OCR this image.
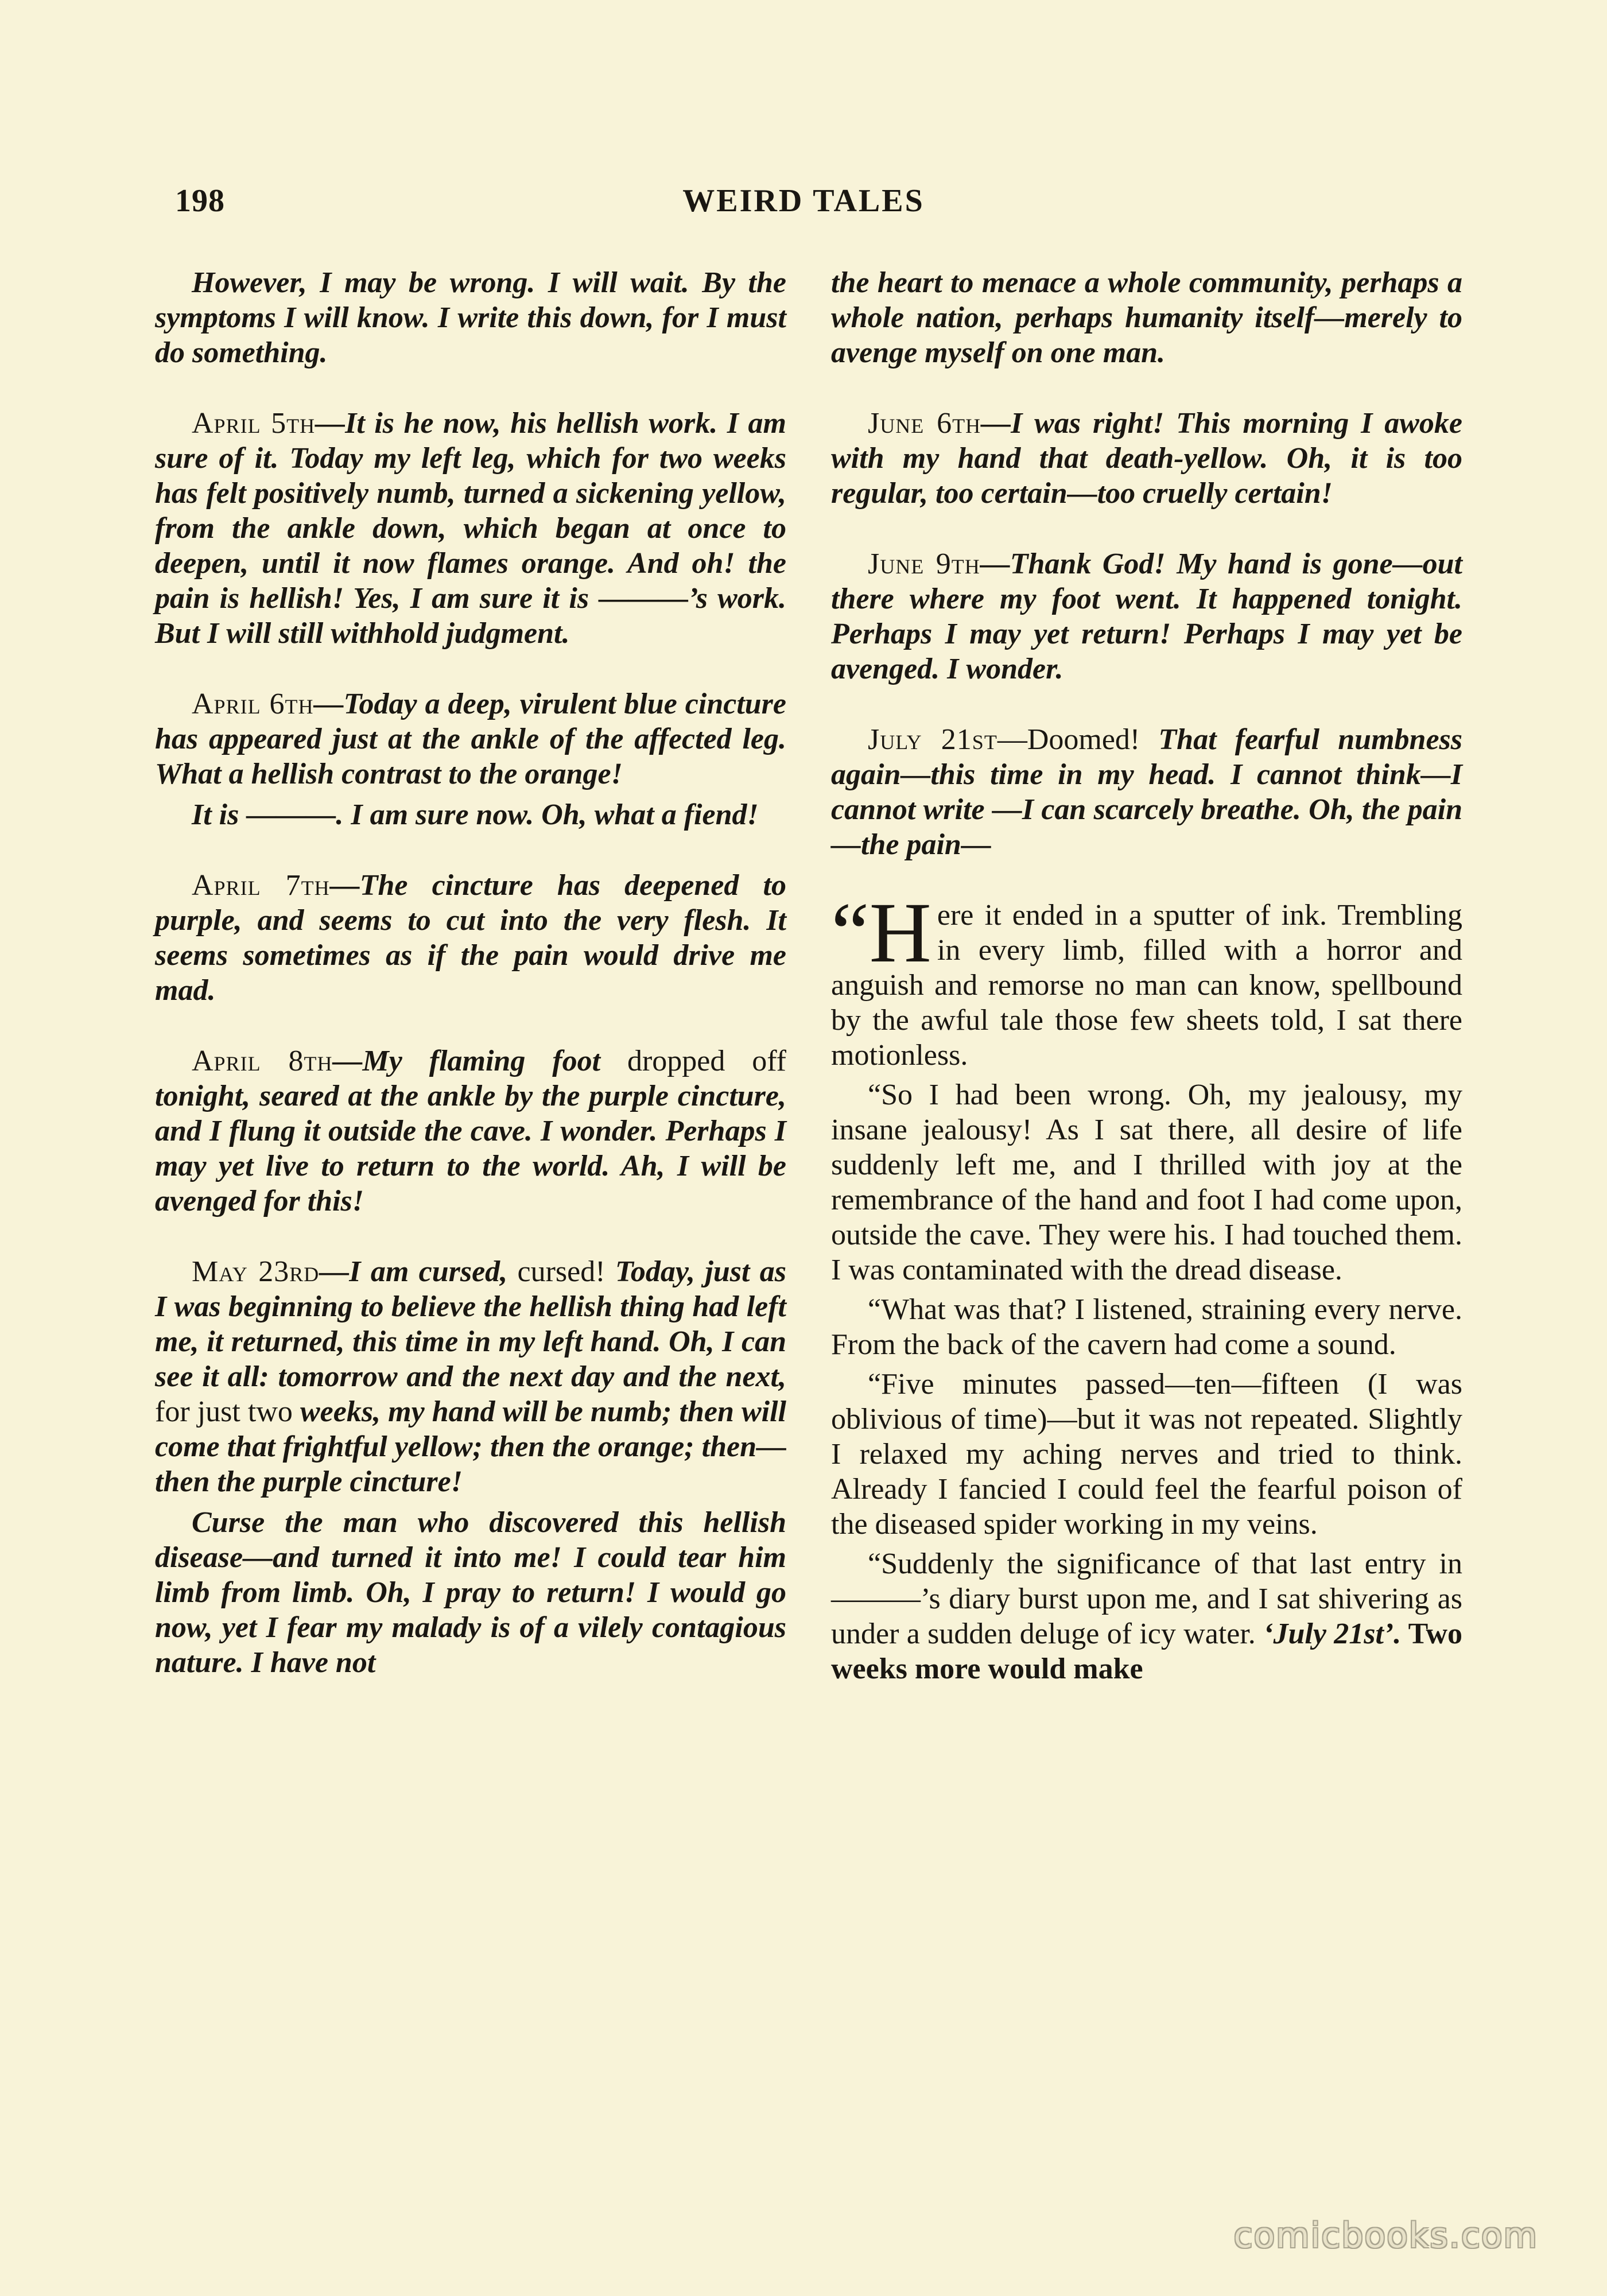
198	WEIRD TALES

However, I may be wrong. I will wait. By the symptoms I will know. I write this down, for I must do something.

April 5th—It is he now, his hellish work. I am sure of it. Today my left leg, which for two weeks has felt positively numb, turned a sickening yellow, from the ankle down, which began at once to deepen, until it now flames orange. And oh! the pain is hellish! Yes, I am sure it is ———’s work. But I will still withhold judgment.

April 6th—Today a deep, virulent blue cincture has appeared just at the ankle of the affected leg. What a hellish contrast to the orange!

It is ———. I am sure now. Oh, what a fiend!

April 7th—The cincture has deepened to purple, and seems to cut into the very flesh. It seems sometimes as if the pain would drive me mad.

April 8th—My flaming foot dropped off tonight, seared at the ankle by the purple cincture, and I flung it outside the cave. I wonder. Perhaps I may yet live to return to the world. Ah, I will be avenged for this!

May 23rd—I am cursed, cursed! Today, just as I was beginning to believe the hellish thing had left me, it returned, this time in my left hand. Oh, I can see it all: tomorrow and the next day and the next, for just two weeks, my hand will be numb; then will come that frightful yellow; then the orange; then—then the purple cincture!

Curse the man who discovered this hellish disease—and turned it into me! I could tear him limb from limb. Oh, I pray to return! I would go now, yet I fear my malady is of a vilely contagious nature. I have not

the heart to menace a whole community, perhaps a whole nation, perhaps humanity itself—merely to avenge myself on one man.

June 6th—I was right! This morning I awoke with my hand that death-yellow. Oh, it is too regular, too certain—too cruelly certain!

June 9th—Thank God! My hand is gone—out there where my foot went. It happened tonight. Perhaps I may yet return! Perhaps I may yet be avenged. I wonder.

July 21st—Doomed! That fearful numbness again—this time in my head. I cannot think—I cannot write —I can scarcely breathe. Oh, the pain—the pain—

“H ere it ended in a sputter of ink. Trembling in every limb, filled with a horror and anguish and remorse no man can know, spellbound by the awful tale those few sheets told, I sat there motionless.

“So I had been wrong. Oh, my jealousy, my insane jealousy! As I sat there, all desire of life suddenly left me, and I thrilled with joy at the remembrance of the hand and foot I had come upon, outside the cave. They were his. I had touched them. I was contaminated with the dread disease.

“What was that? I listened, straining every nerve. From the back of the cavern had come a sound.

“Five minutes passed—ten—fifteen (I was oblivious of time)—but it was not repeated. Slightly I relaxed my aching nerves and tried to think. Already I fancied I could feel the fearful poison of the diseased spider working in my veins.

“Suddenly the significance of that last entry in ———’s diary burst upon me, and I sat shivering as under a sudden deluge of icy water. ‘July 21st’. Two weeks more would make

comicbooks.com
